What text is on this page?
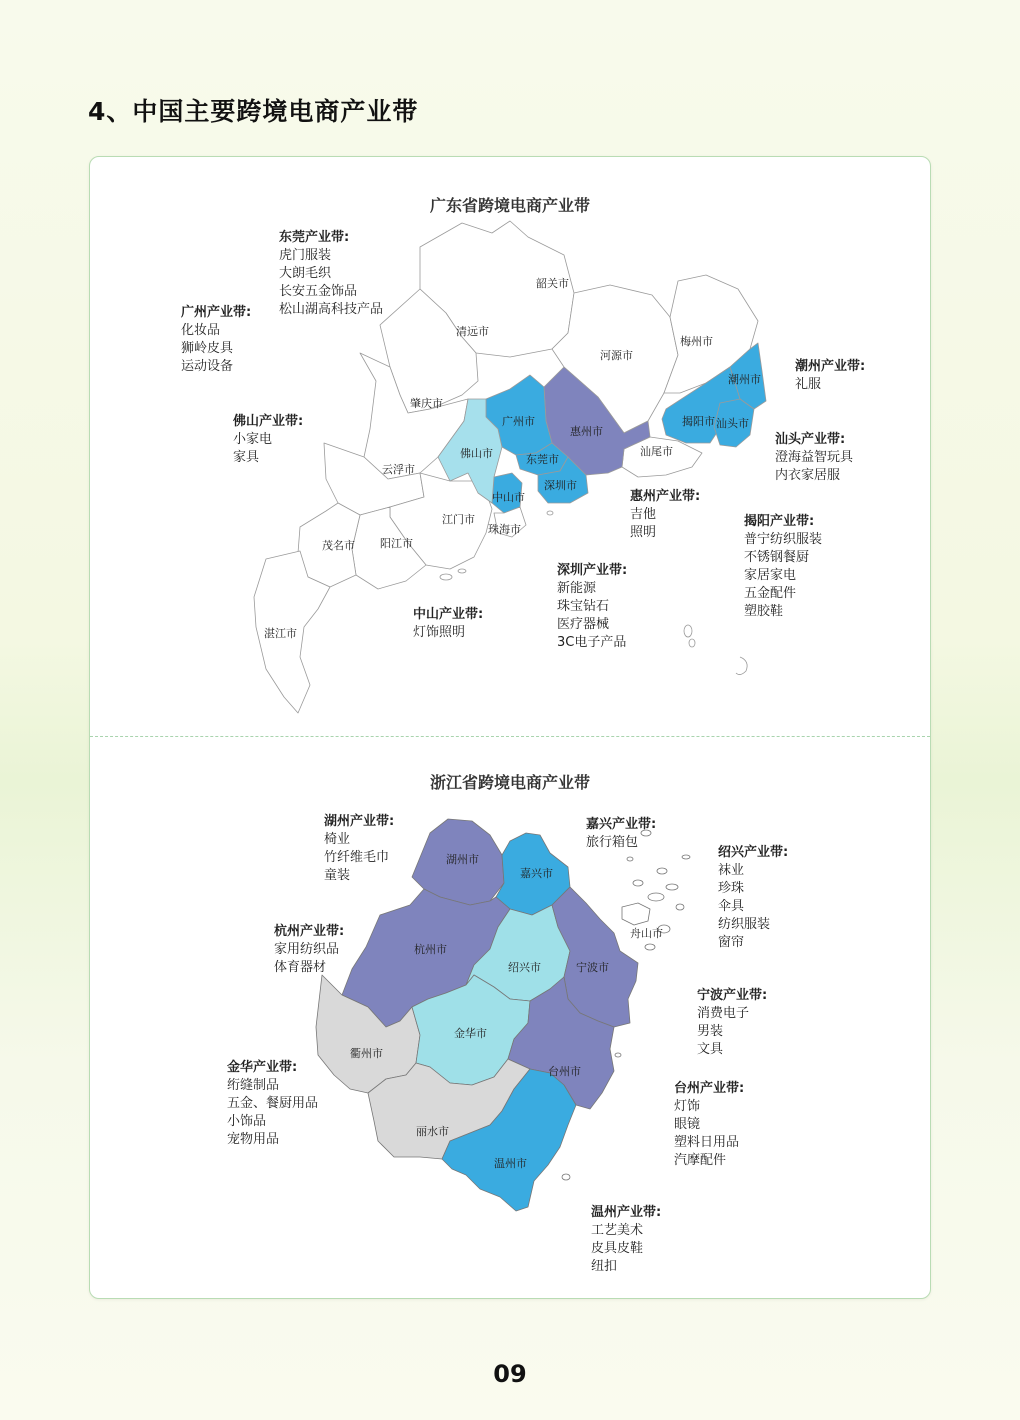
4、中国主要跨境电商产业带
广东省跨境电商产业带
韶关市
清远市
河源市
梅州市
潮州市
肇庆市
广州市
惠州市
揭阳市 汕头市
佛山市	东莞市
汕尾市
云浮市
中山市
深圳市
江门市
珠海市
茂名市 阳江市
湛江市
东莞产业带:
虎门服装
大朗毛织
长安五金饰品
松山湖高科技产品
广州产业带:
化妆品
狮岭皮具
运动设备
佛山产业带:
小家电
家具
潮州产业带:
礼服
汕头产业带:
澄海益智玩具
内衣家居服
惠州产业带:
吉他
照明
揭阳产业带:
普宁纺织服装
不锈钢餐厨
家居家电
五金配件
塑胶鞋
深圳产业带:
新能源
珠宝钻石
医疗器械
3C电子产品
中山产业带:
灯饰照明
浙江省跨境电商产业带
湖州市
嘉兴市
舟山市
杭州市
绍兴市	宁波市
金华市
衢州市
台州市
丽水市
温州市
湖州产业带:
椅业
竹纤维毛巾
童装
嘉兴产业带:
旅行箱包
绍兴产业带:
袜业
珍珠
伞具
纺织服装
窗帘
杭州产业带:
家用纺织品
体育器材
宁波产业带:
消费电子
男装
文具
金华产业带:
绗缝制品
五金、餐厨用品
小饰品
宠物用品
台州产业带:
灯饰
眼镜
塑料日用品
汽摩配件
温州产业带:
工艺美术
皮具皮鞋
纽扣
09
